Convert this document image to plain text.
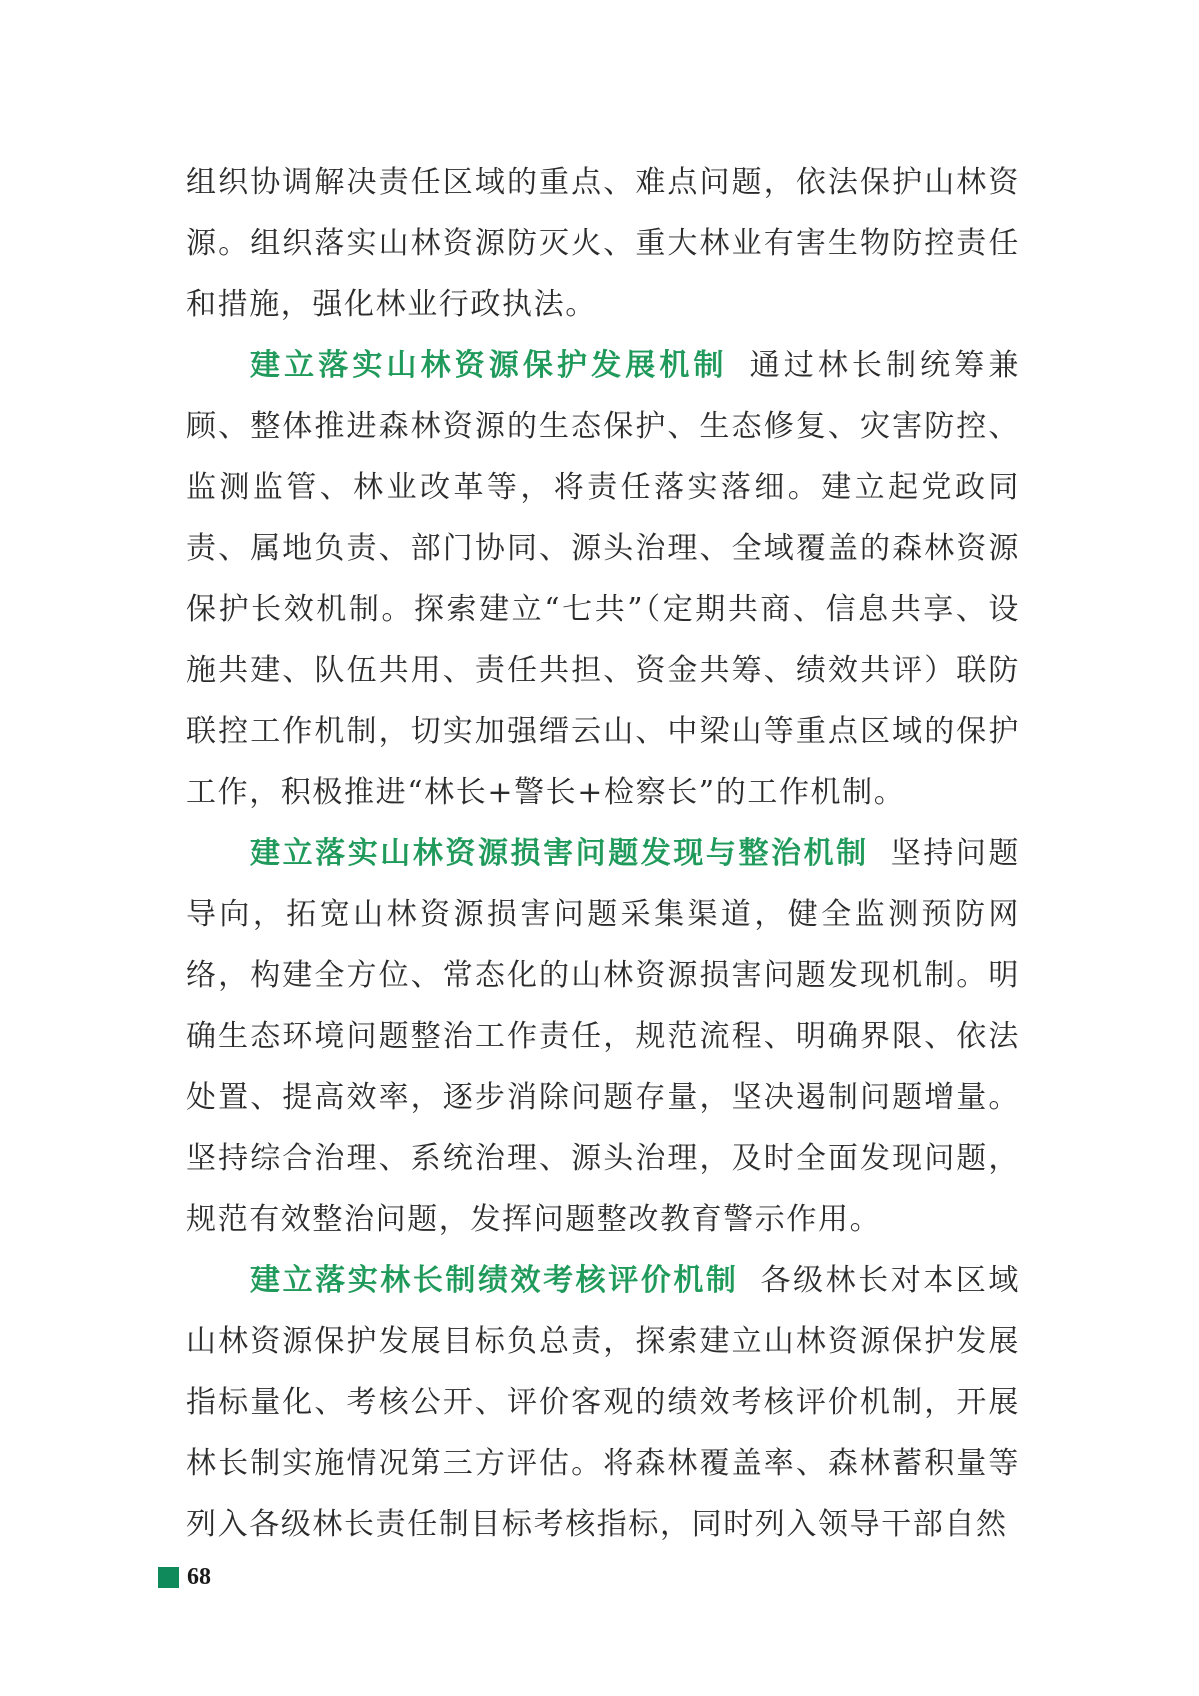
组织协调解决责任区域的重点、难点问题，依法保护山林资源。组织落实山林资源防灭火、重大林业有害生物防控责任和措施，强化林业行政执法。

建立落实山林资源保护发展机制 通过林长制统筹兼顾、整体推进森林资源的生态保护、生态修复、灾害防控、监测监管、林业改革等，将责任落实落细。建立起党政同责、属地负责、部门协同、源头治理、全域覆盖的森林资源保护长效机制。探索建立“七共”（定期共商、信息共享、设施共建、队伍共用、责任共担、资金共筹、绩效共评）联防联控工作机制，切实加强缙云山、中梁山等重点区域的保护工作，积极推进“林长+警长+检察长”的工作机制。

建立落实山林资源损害问题发现与整治机制 坚持问题导向，拓宽山林资源损害问题采集渠道，健全监测预防网络，构建全方位、常态化的山林资源损害问题发现机制。明确生态环境问题整治工作责任，规范流程、明确界限、依法处置、提高效率，逐步消除问题存量，坚决遏制问题增量。坚持综合治理、系统治理、源头治理，及时全面发现问题，规范有效整治问题，发挥问题整改教育警示作用。

建立落实林长制绩效考核评价机制 各级林长对本区域山林资源保护发展目标负总责，探索建立山林资源保护发展指标量化、考核公开、评价客观的绩效考核评价机制，开展林长制实施情况第三方评估。将森林覆盖率、森林蓄积量等列入各级林长责任制目标考核指标，同时列入领导干部自然

68
